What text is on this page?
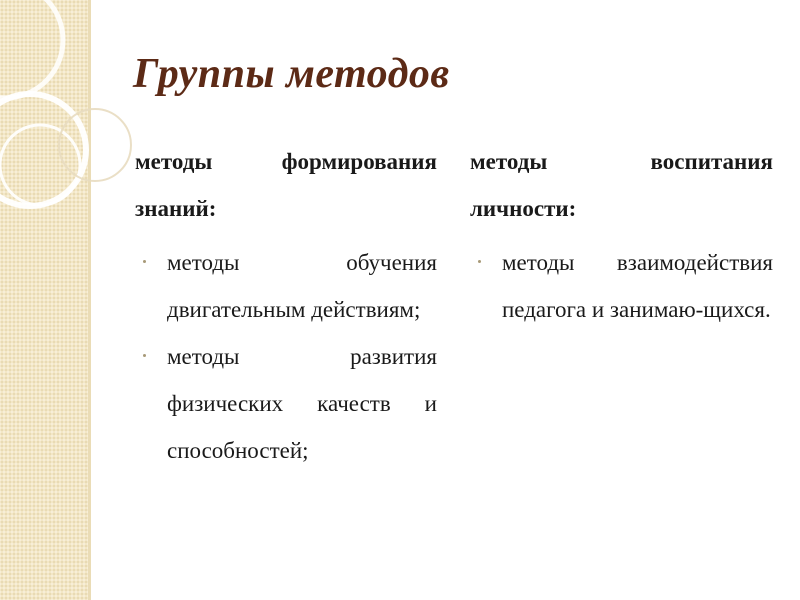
Группы методов

методы формирования знаний:

методы обучения двигательным действиям;
методы развития физических качеств и способностей;

методы воспитания личности:

методы взаимодействия педагога и занимаю-щихся.
